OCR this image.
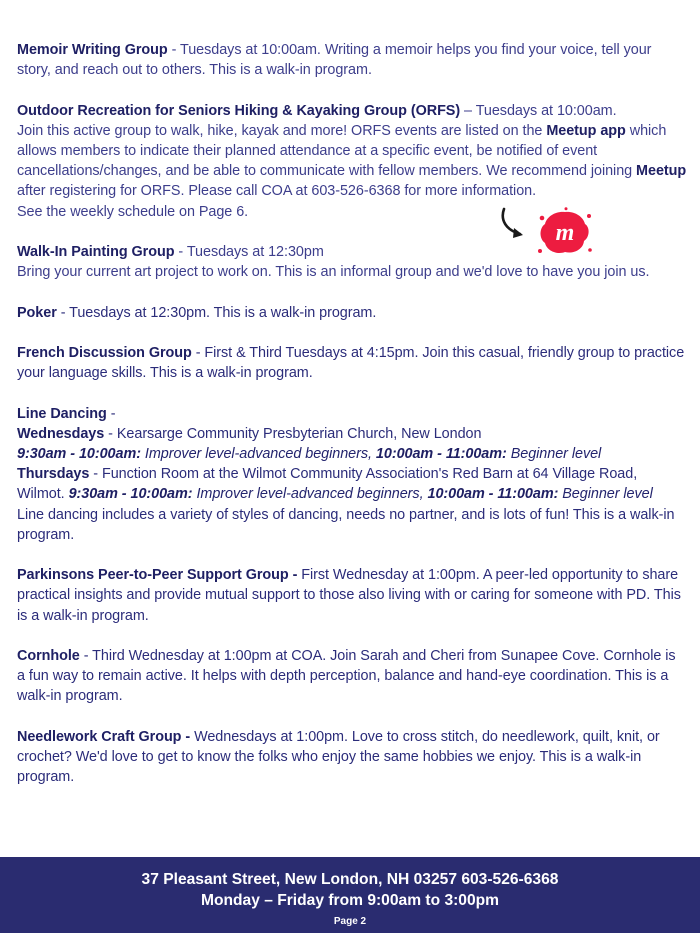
Memoir Writing Group - Tuesdays at 10:00am. Writing a memoir helps you find your voice, tell your story, and reach out to others. This is a walk-in program.

Outdoor Recreation for Seniors Hiking & Kayaking Group (ORFS) – Tuesdays at 10:00am.
Join this active group to walk, hike, kayak and more! ORFS events are listed on the Meetup app which allows members to indicate their planned attendance at a specific event, be notified of event cancellations/changes, and be able to communicate with fellow members. We recommend joining Meetup after registering for ORFS. Please call COA at 603-526-6368 for more information.
See the weekly schedule on Page 6.

Walk-In Painting Group - Tuesdays at 12:30pm
Bring your current art project to work on. This is an informal group and we'd love to have you join us.

Poker - Tuesdays at 12:30pm. This is a walk-in program.

French Discussion Group - First & Third Tuesdays at 4:15pm. Join this casual, friendly group to practice your language skills. This is a walk-in program.

Line Dancing -
Wednesdays - Kearsarge Community Presbyterian Church, New London
9:30am - 10:00am: Improver level-advanced beginners, 10:00am - 11:00am: Beginner level
Thursdays - Function Room at the Wilmot Community Association's Red Barn at 64 Village Road, Wilmot. 9:30am - 10:00am: Improver level-advanced beginners, 10:00am - 11:00am: Beginner level
Line dancing includes a variety of styles of dancing, needs no partner, and is lots of fun! This is a walk-in program.

Parkinsons Peer-to-Peer Support Group - First Wednesday at 1:00pm. A peer-led opportunity to share practical insights and provide mutual support to those also living with or caring for someone with PD. This is a walk-in program.

Cornhole - Third Wednesday at 1:00pm at COA. Join Sarah and Cheri from Sunapee Cove. Cornhole is a fun way to remain active. It helps with depth perception, balance and hand-eye coordination. This is a walk-in program.

Needlework Craft Group - Wednesdays at 1:00pm. Love to cross stitch, do needlework, quilt, knit, or crochet? We'd love to get to know the folks who enjoy the same hobbies we enjoy. This is a walk-in program.

m
37 Pleasant Street, New London, NH 03257 603-526-6368
Monday – Friday from 9:00am to 3:00pm
Page 2
